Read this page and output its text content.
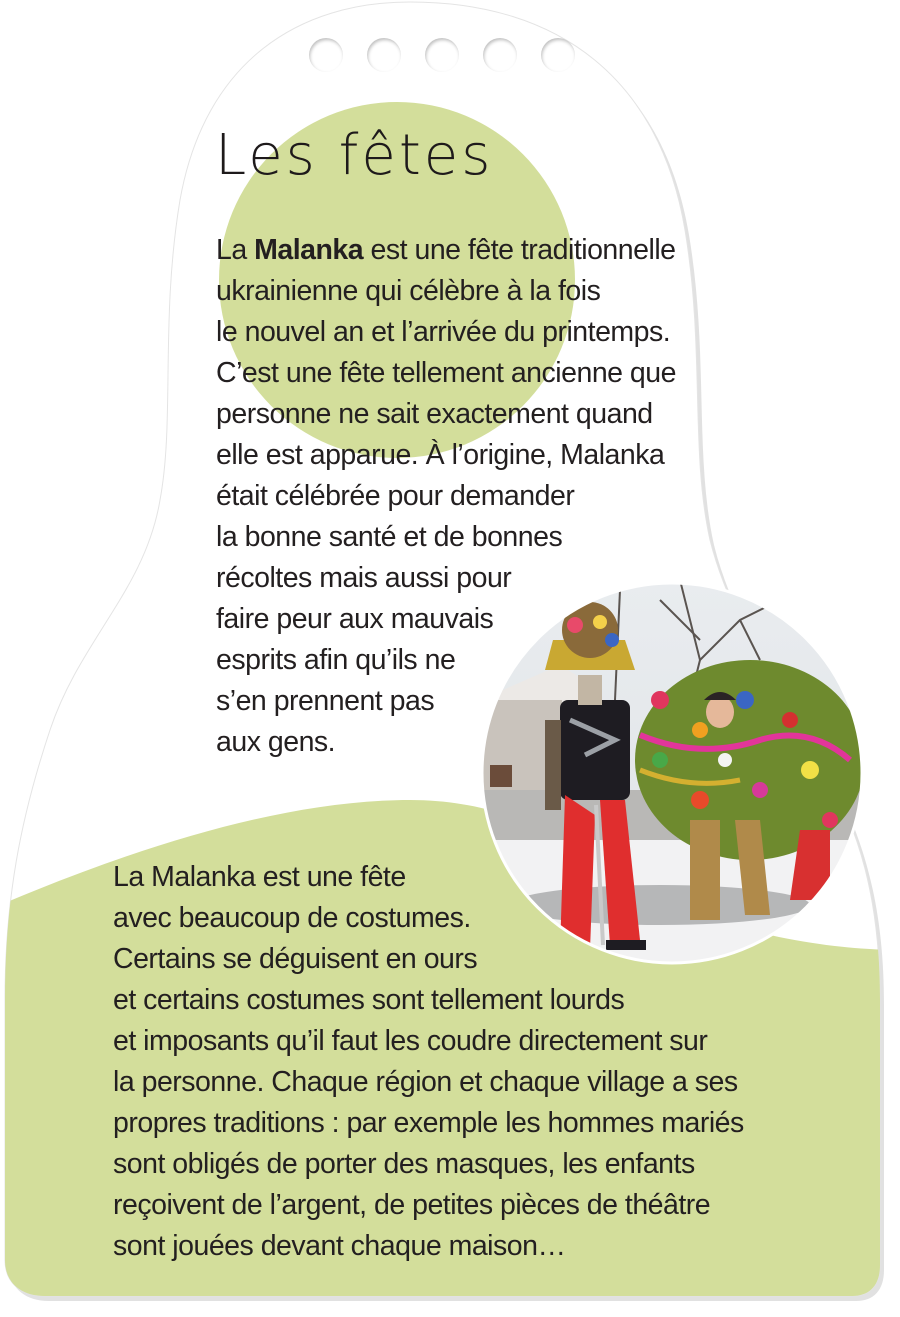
Les fêtes

La Malanka est une fête traditionnelle
ukrainienne qui célèbre à la fois
le nouvel an et l’arrivée du printemps.
C’est une fête tellement ancienne que
personne ne sait exactement quand
elle est apparue. À l’origine, Malanka
était célébrée pour demander
la bonne santé et de bonnes
récoltes mais aussi pour
faire peur aux mauvais
esprits afin qu’ils ne
s’en prennent pas
aux gens.

La Malanka est une fête
avec beaucoup de costumes.
Certains se déguisent en ours
et certains costumes sont tellement lourds
et imposants qu’il faut les coudre directement sur
la personne. Chaque région et chaque village a ses
propres traditions : par exemple les hommes mariés
sont obligés de porter des masques, les enfants
reçoivent de l’argent, de petites pièces de théâtre
sont jouées devant chaque maison…
